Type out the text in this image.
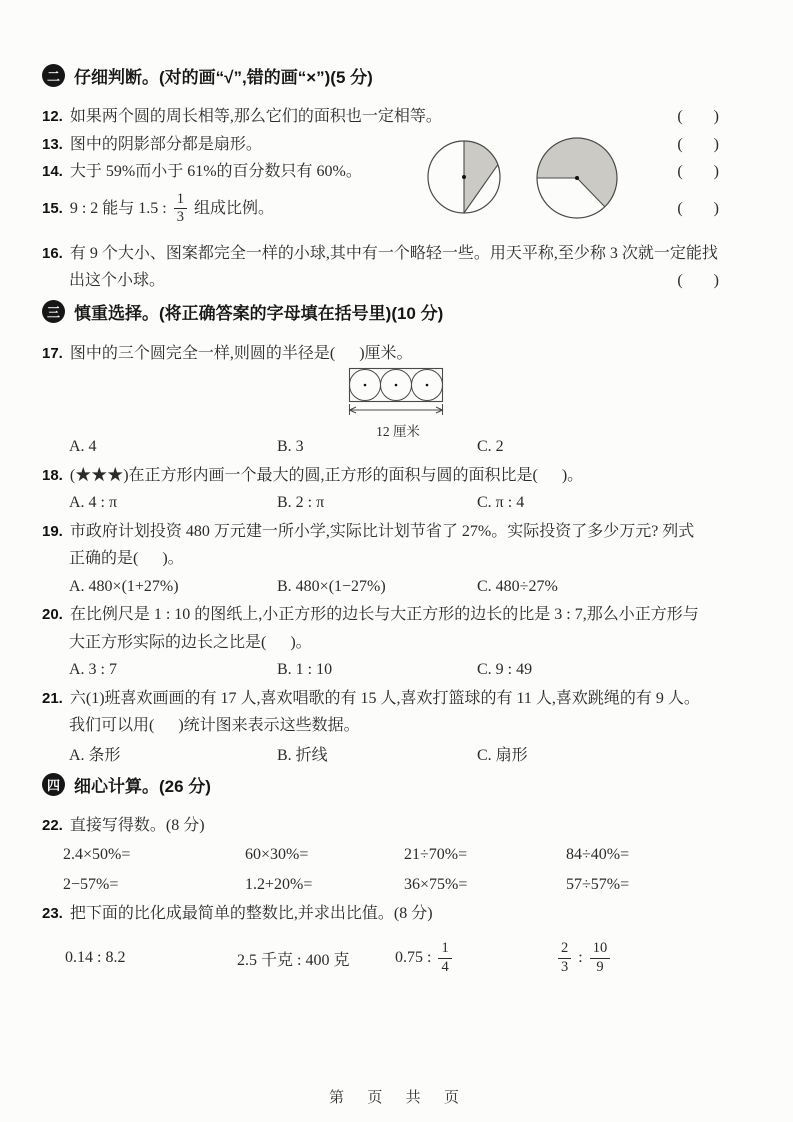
二 仔细判断。(对的画“√”,错的画“×”)(5 分)
12. 如果两个圆的周长相等,那么它们的面积也一定相等。	(      )
13. 图中的阴影部分都是扇形。	(      )
14. 大于 59%而小于 61%的百分数只有 60%。	(      )
15. 9 : 2 能与 1.5 : $\frac{1}{3}$ 组成比例。	(      )
16. 有 9 个大小、图案都完全一样的小球,其中有一个略轻一些。用天平称,至少称 3 次就一定能找
出这个小球。	(      )
三 慎重选择。(将正确答案的字母填在括号里)(10 分)
17. 图中的三个圆完全一样,则圆的半径是(      )厘米。
12 厘米
A. 4	B. 3	C. 2
18. (★★★)在正方形内画一个最大的圆,正方形的面积与圆的面积比是(      )。
A. 4 : π	B. 2 : π	C. π : 4
19. 市政府计划投资 480 万元建一所小学,实际比计划节省了 27%。实际投资了多少万元? 列式
正确的是(      )。
A. 480×(1+27%)	B. 480×(1−27%)	C. 480÷27%
20. 在比例尺是 1 : 10 的图纸上,小正方形的边长与大正方形的边长的比是 3 : 7,那么小正方形与
大正方形实际的边长之比是(      )。
A. 3 : 7	B. 1 : 10	C. 9 : 49
21. 六(1)班喜欢画画的有 17 人,喜欢唱歌的有 15 人,喜欢打篮球的有 11 人,喜欢跳绳的有 9 人。
我们可以用(      )统计图来表示这些数据。
A. 条形	B. 折线	C. 扇形
四 细心计算。(26 分)
22. 直接写得数。(8 分)
2.4×50%=	60×30%=	21÷70%=	84÷40%=
2−57%=	1.2+20%=	36×75%=	57÷57%=
23. 把下面的比化成最简单的整数比,并求出比值。(8 分)
0.14 : 8.2	2.5 千克 : 400 克	0.75 : $\frac{1}{4}$	$\frac{2}{3}$ : $\frac{10}{9}$
第  页  共  页
